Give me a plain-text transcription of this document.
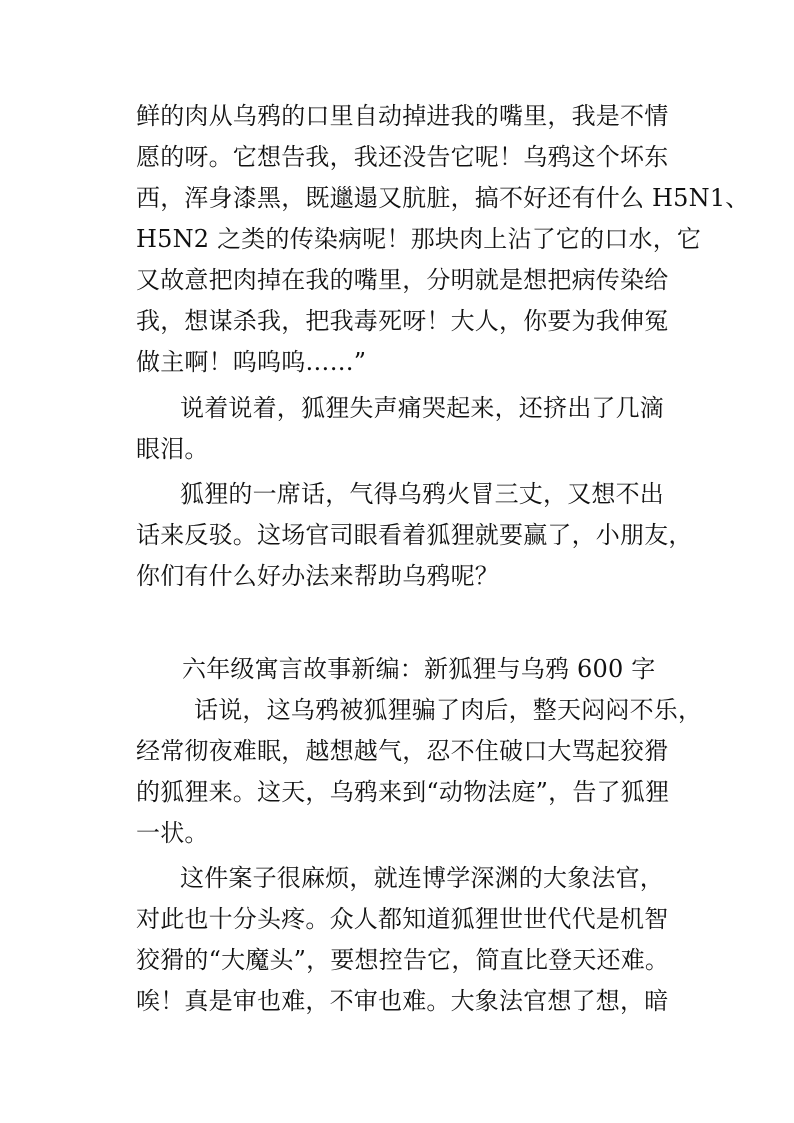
鲜的肉从乌鸦的口里自动掉进我的嘴里，我是不情
愿的呀。它想告我，我还没告它呢！乌鸦这个坏东
西，浑身漆黑，既邋遢又肮脏，搞不好还有什么 H5N1、
H5N2 之类的传染病呢！那块肉上沾了它的口水，它
又故意把肉掉在我的嘴里，分明就是想把病传染给
我，想谋杀我，把我毒死呀！大人，你要为我伸冤
做主啊！呜呜呜……”
说着说着，狐狸失声痛哭起来，还挤出了几滴
眼泪。
狐狸的一席话，气得乌鸦火冒三丈，又想不出
话来反驳。这场官司眼看着狐狸就要赢了，小朋友，
你们有什么好办法来帮助乌鸦呢？
六年级寓言故事新编：新狐狸与乌鸦 600 字
话说，这乌鸦被狐狸骗了肉后，整天闷闷不乐，
经常彻夜难眠，越想越气，忍不住破口大骂起狡猾
的狐狸来。这天，乌鸦来到“动物法庭”，告了狐狸
一状。
这件案子很麻烦，就连博学深渊的大象法官，
对此也十分头疼。众人都知道狐狸世世代代是机智
狡猾的“大魔头”，要想控告它，简直比登天还难。
唉！真是审也难，不审也难。大象法官想了想，暗
